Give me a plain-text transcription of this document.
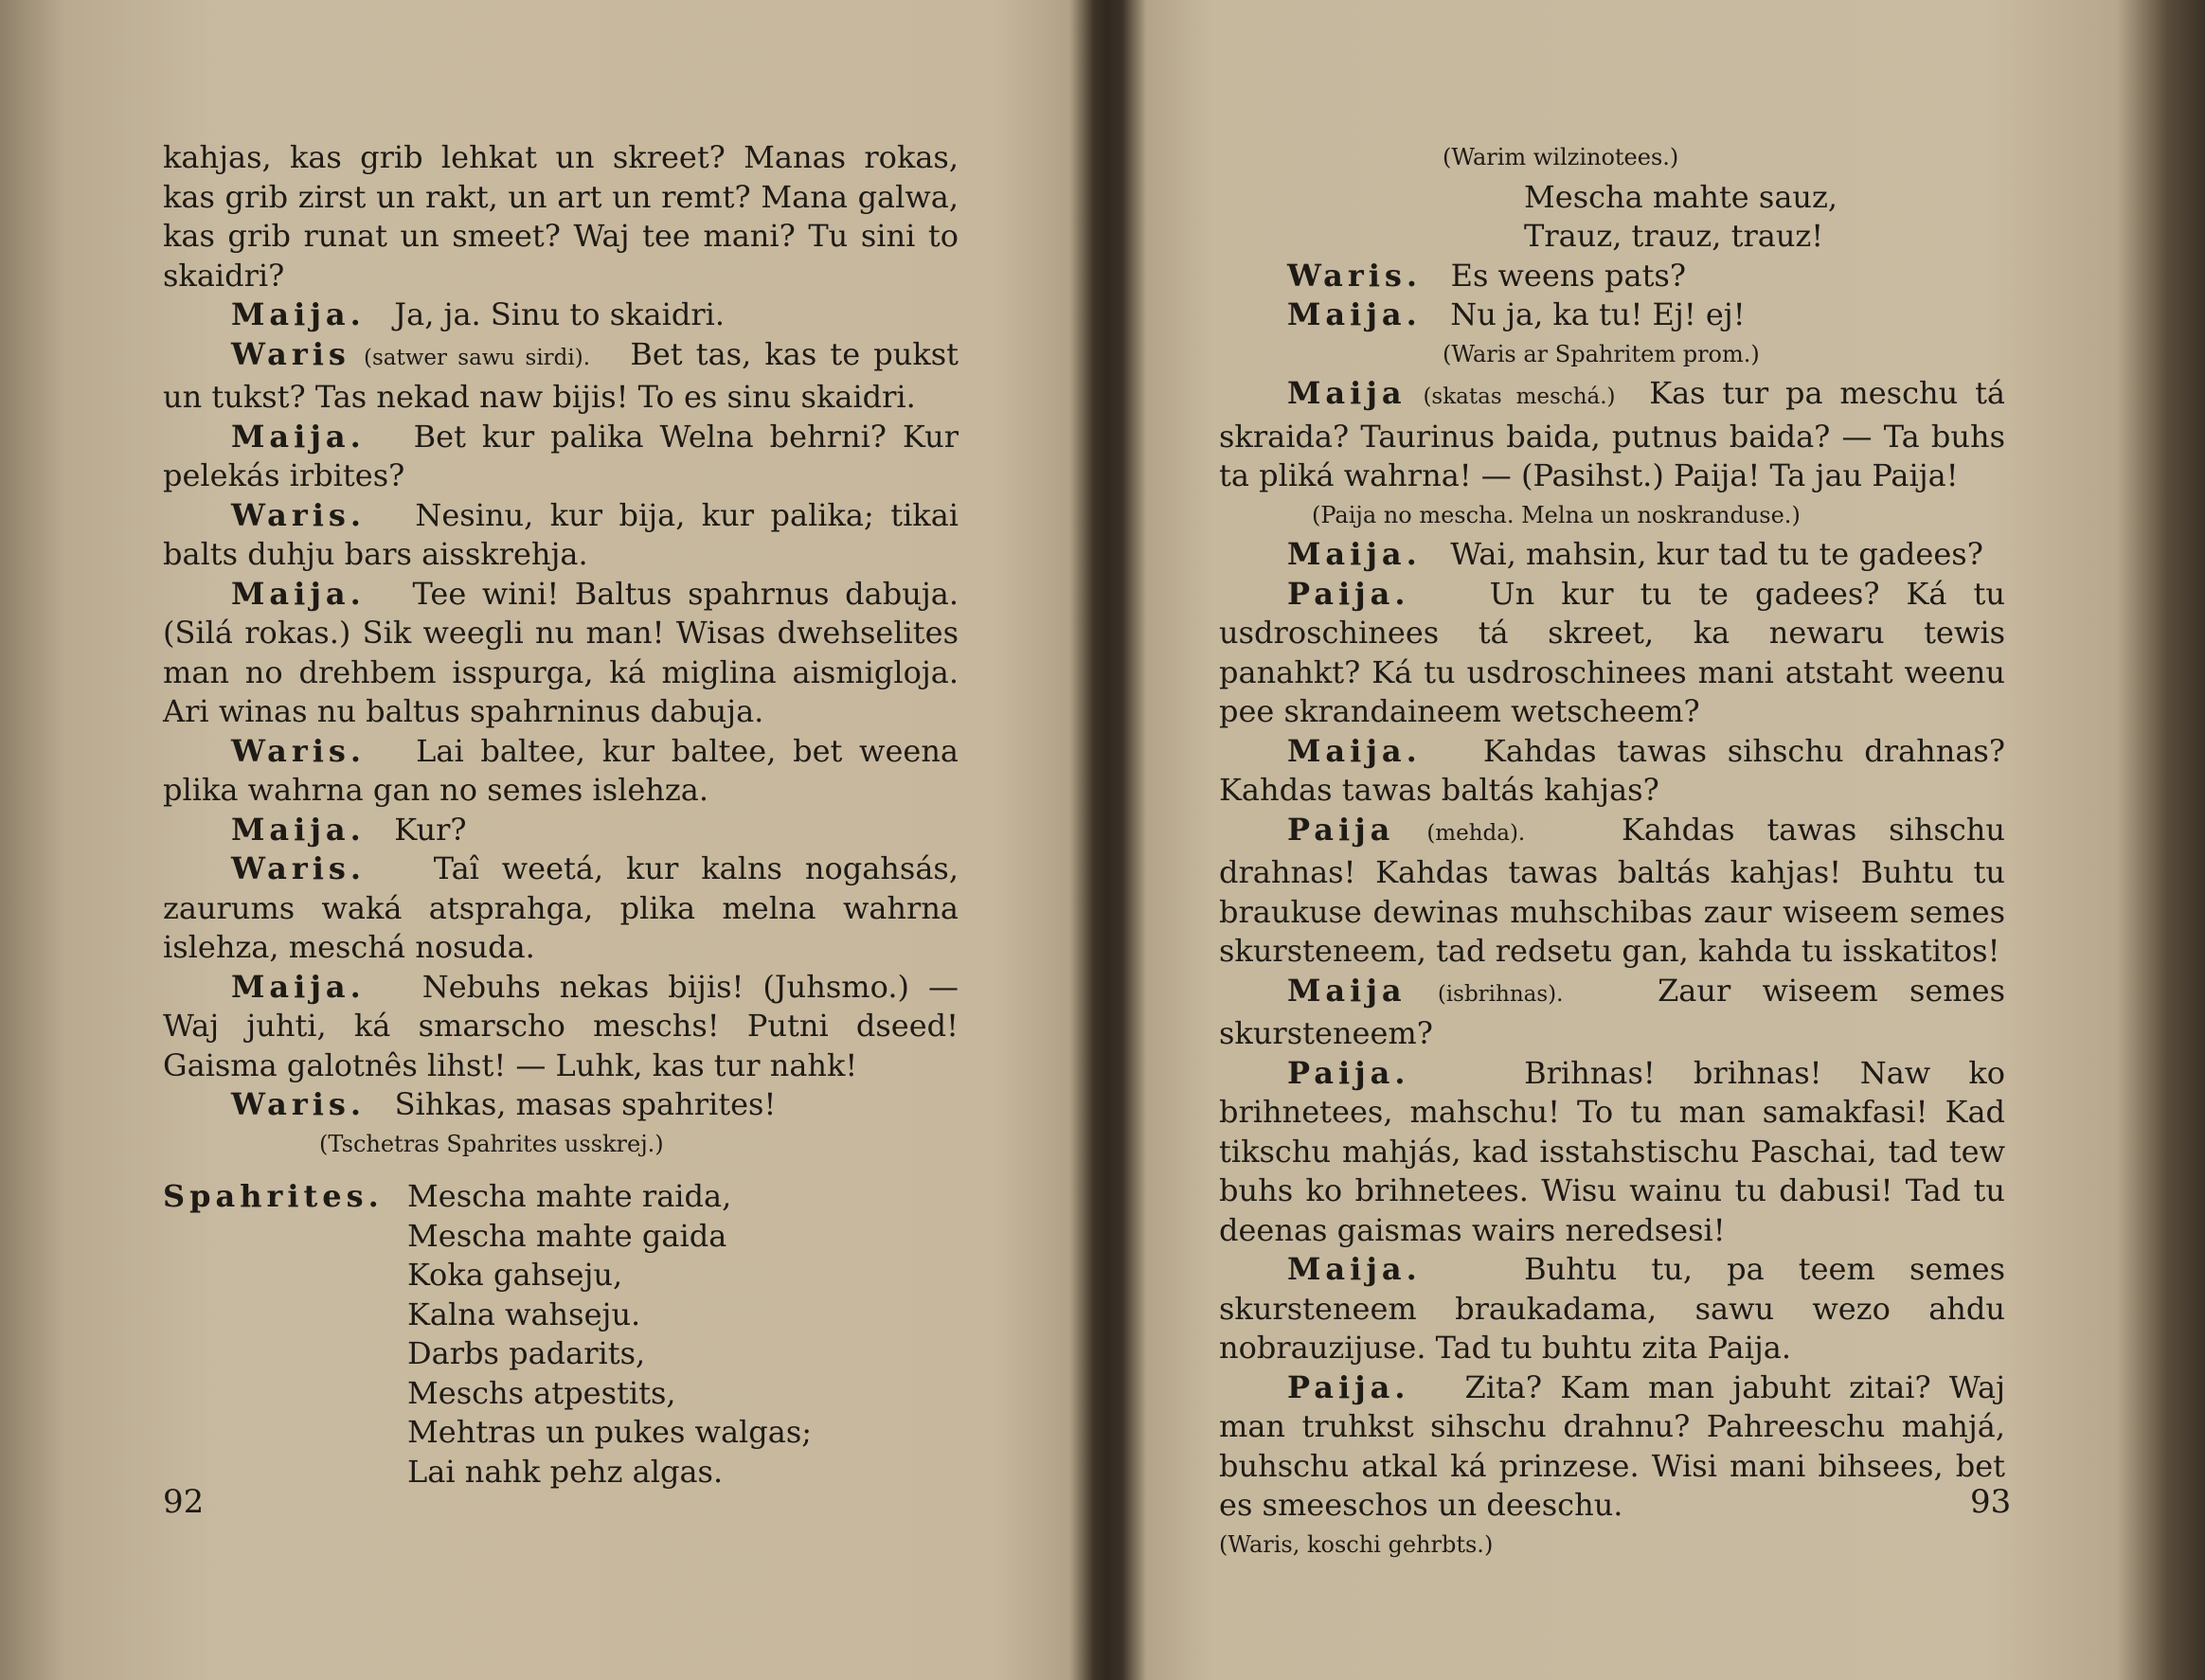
kahjas, kas grib lehkat un skreet? Manas rokas, kas grib zirst un rakt, un art un remt? Mana galwa, kas grib runat un smeet? Waj tee mani? Tu sini to skaidri?

Maija. Ja, ja. Sinu to skaidri.

Waris (satwer sawu sirdi). Bet tas, kas te pukst un tukst? Tas nekad naw bijis! To es sinu skaidri.

Maija. Bet kur palika Welna behrni? Kur pelekás irbites?

Waris. Nesinu, kur bija, kur palika; tikai balts duhju bars aisskrehja.

Maija. Tee wini! Baltus spahrnus dabuja. (Silá rokas.) Sik weegli nu man! Wisas dwehselites man no drehbem isspurga, ká miglina aismigloja. Ari winas nu baltus spahrninus dabuja.

Waris. Lai baltee, kur baltee, bet weena plika wahrna gan no semes islehza.

Maija. Kur?

Waris. Taî weetá, kur kalns nogahsás, zaurums waká atsprahga, plika melna wahrna islehza, meschá nosuda.

Maija. Nebuhs nekas bijis! (Juhsmo.) — Waj juhti, ká smarscho meschs! Putni dseed! Gaisma galotnês lihst! — Luhk, kas tur nahk!

Waris. Sihkas, masas spahrites!

(Tschetras Spahrites usskrej.)

Spahrites. Mescha mahte raida,
Mescha mahte gaida
Koka gahseju,
Kalna wahseju.
Darbs padarits,
Meschs atpestits,
Mehtras un pukes walgas;
Lai nahk pehz algas.
92

(Warim wilzinotees.)

Mescha mahte sauz,
Trauz, trauz, trauz!

Waris. Es weens pats?

Maija. Nu ja, ka tu! Ej! ej!

(Waris ar Spahritem prom.)

Maija (skatas meschá.) Kas tur pa meschu tá skraida? Taurinus baida, putnus baida? — Ta buhs ta pliká wahrna! — (Pasihst.) Paija! Ta jau Paija!

(Paija no mescha. Melna un noskranduse.)

Maija. Wai, mahsin, kur tad tu te gadees?

Paija.	Un kur tu te gadees? Ká tu usdroschinees tá skreet, ka newaru tewis panahkt? Ká tu usdroschinees mani atstaht weenu pee skrandaineem wetscheem?

Maija. Kahdas tawas sihschu drahnas? Kahdas tawas baltás kahjas?

Paija (mehda).	Kahdas tawas sihschu drahnas! Kahdas tawas baltás kahjas! Buhtu tu braukuse dewinas muhschibas zaur wiseem semes skursteneem, tad redsetu gan, kahda tu isskatitos!

Maija (isbrihnas).	Zaur wiseem semes skursteneem?

Paija.	Brihnas! brihnas! Naw ko brihnetees, mahschu! To tu man samakfasi! Kad tikschu mahjás, kad isstahstischu Paschai, tad tew buhs ko brihnetees. Wisu wainu tu dabusi! Tad tu deenas gaismas wairs neredsesi!

Maija.	Buhtu tu, pa teem semes skursteneem braukadama, sawu wezo ahdu nobrauzijuse. Tad tu buhtu zita Paija.

Paija. Zita? Kam man jabuht zitai? Waj man truhkst sihschu drahnu? Pahreeschu mahjá, buhschu atkal ká prinzese. Wisi mani bihsees, bet es smeeschos un deeschu.

(Waris, koschi gehrbts.)

93
